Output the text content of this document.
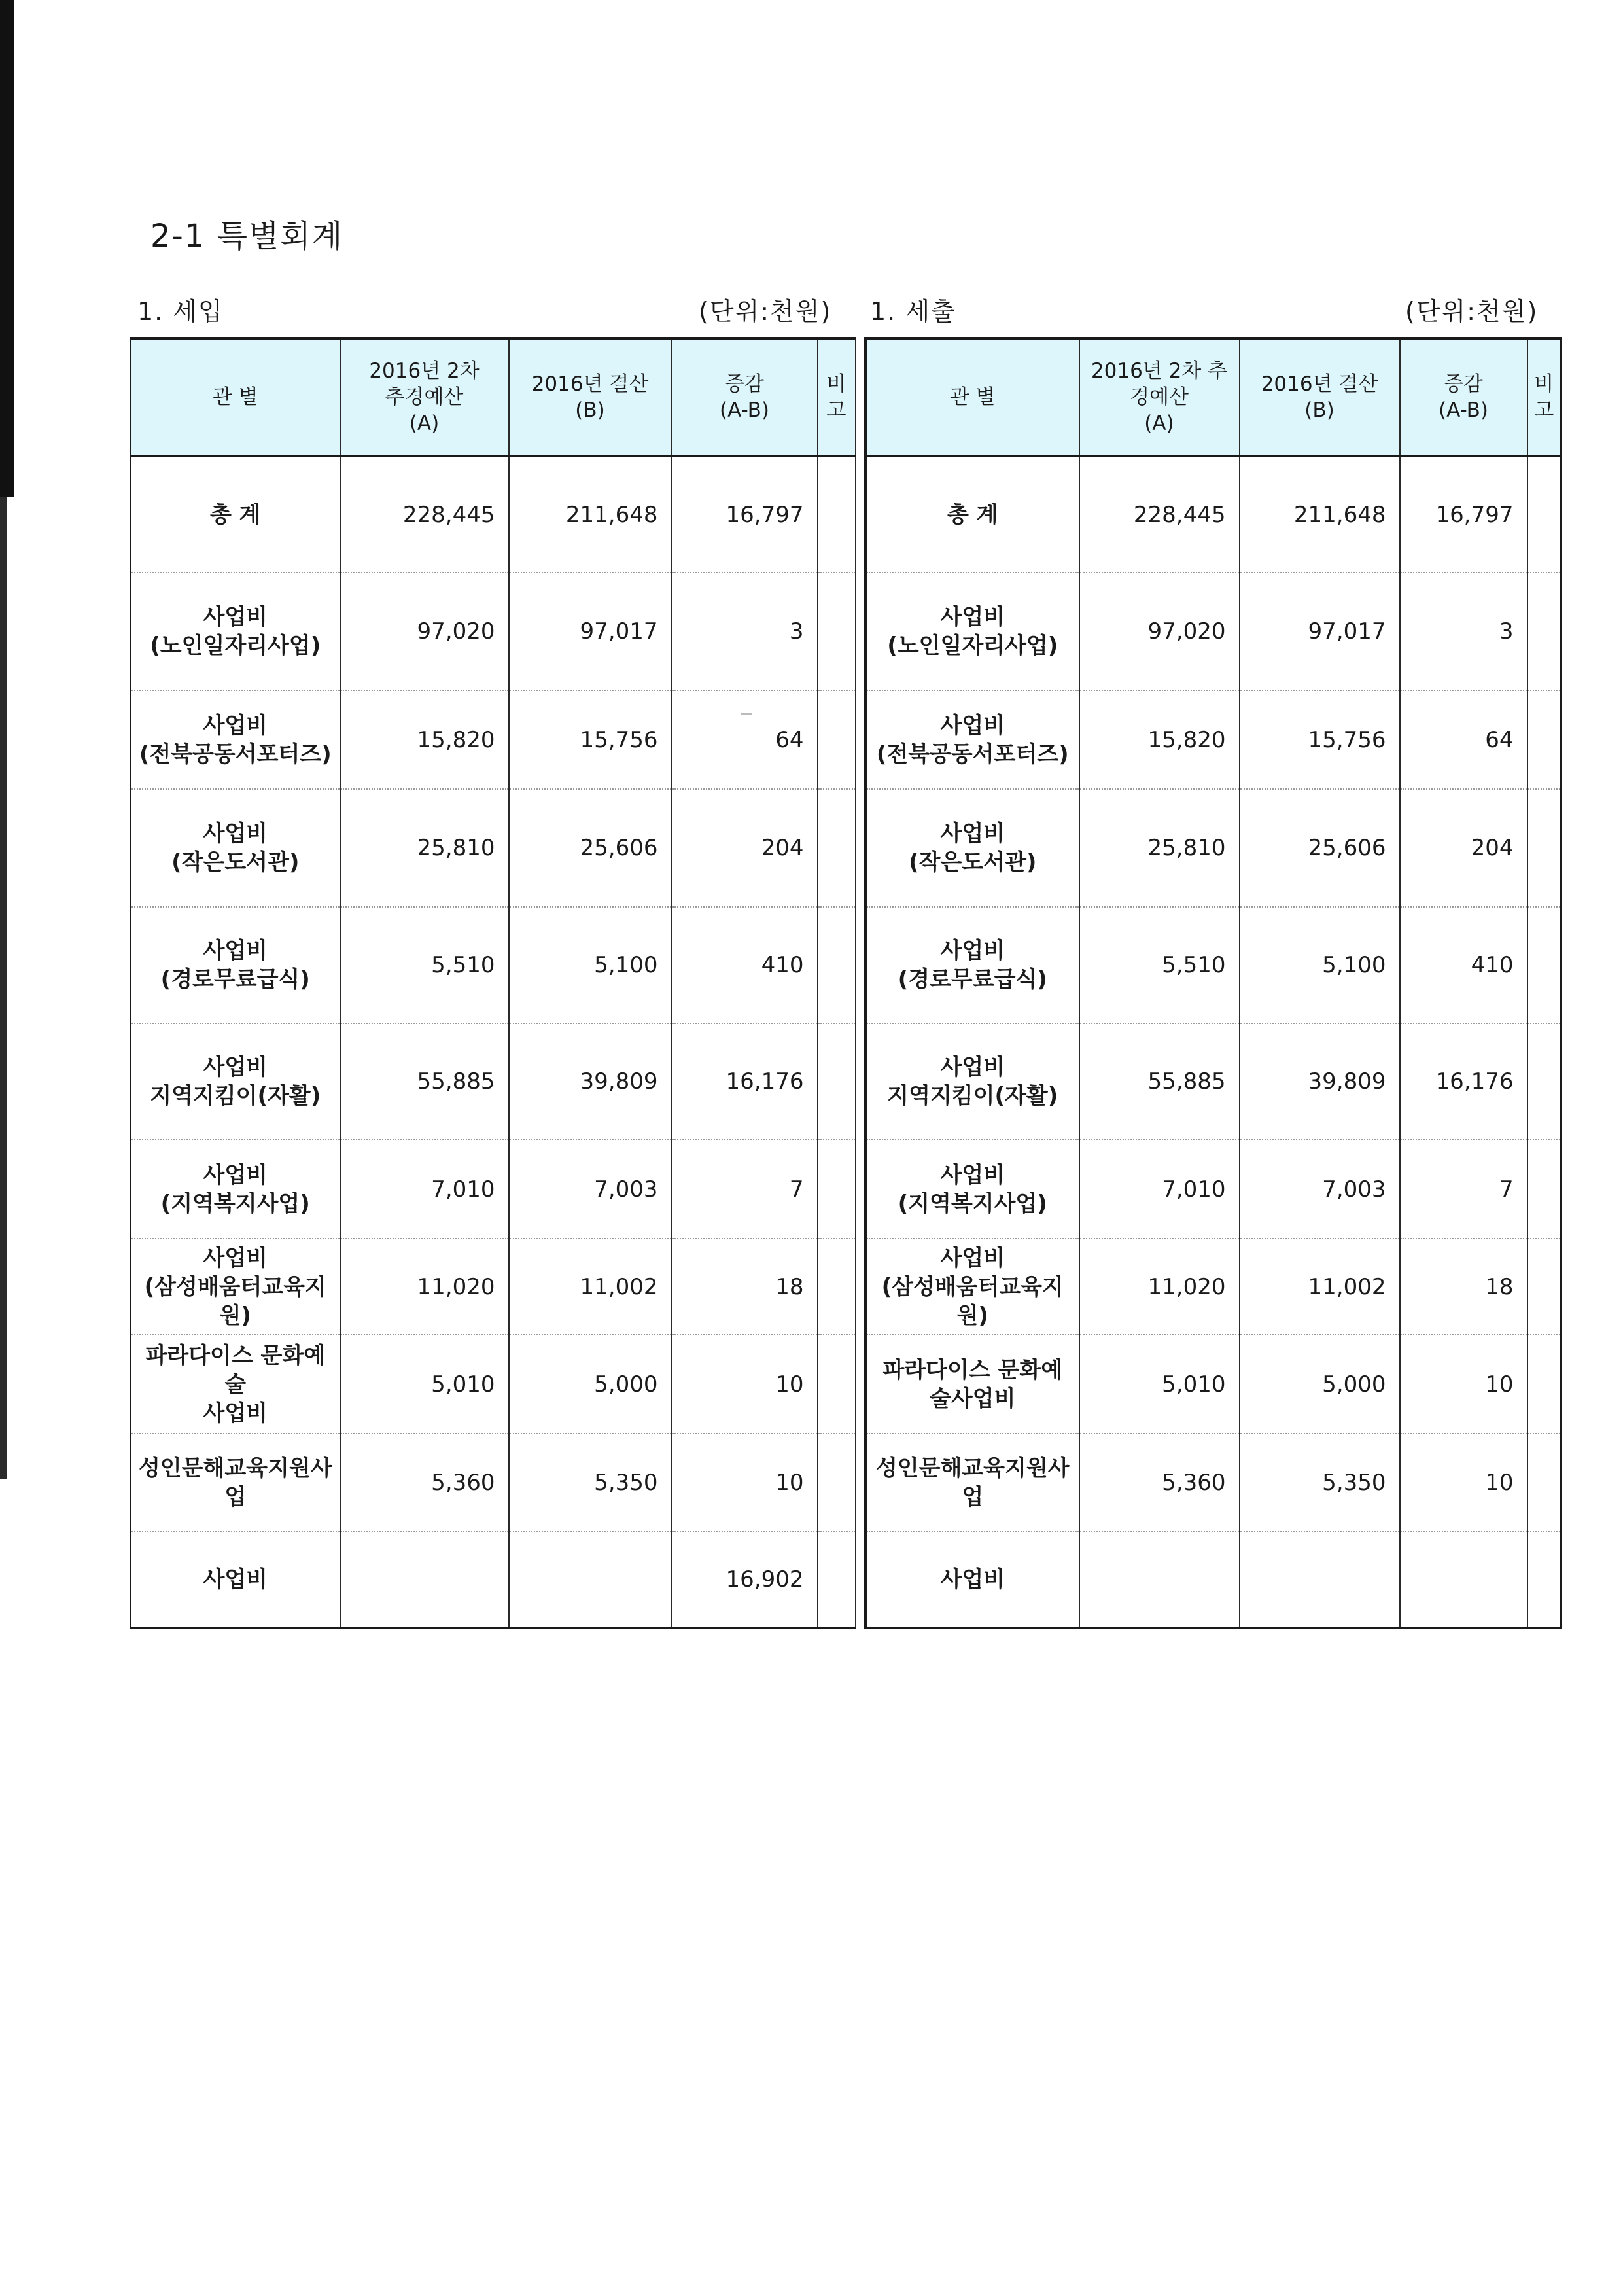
2-1 특별회계
1. 세입	(단위:천원) 1. 세출	(단위:천원)
관 별	2016년 2차
추경예산
(A)	2016년 결산
(B)	증감
(A-B)	비
고
총 계	228,445	211,648	16,797	
사업비
(노인일자리사업)	97,020	97,017	3	
사업비
(전북공동서포터즈)	15,820	15,756	64	
사업비
(작은도서관)	25,810	25,606	204	
사업비
(경로무료급식)	5,510	5,100	410	
사업비
지역지킴이(자활)	55,885	39,809	16,176	
사업비
(지역복지사업)	7,010	7,003	7	
사업비
(삼성배움터교육지원)	11,020	11,002	18	
파라다이스 문화예술
사업비	5,010	5,000	10	
성인문해교육지원사
업	5,360	5,350	10	
사업비			16,902	
관 별	2016년 2차 추
경예산
(A)	2016년 결산
(B)	증감
(A-B)	비
고
총 계	228,445	211,648	16,797	
사업비
(노인일자리사업)	97,020	97,017	3	
사업비
(전북공동서포터즈)	15,820	15,756	64	
사업비
(작은도서관)	25,810	25,606	204	
사업비
(경로무료급식)	5,510	5,100	410	
사업비
지역지킴이(자활)	55,885	39,809	16,176	
사업비
(지역복지사업)	7,010	7,003	7	
사업비
(삼성배움터교육지원)	11,020	11,002	18	
파라다이스 문화예
술사업비	5,010	5,000	10	
성인문해교육지원사
업	5,360	5,350	10	
사업비				
